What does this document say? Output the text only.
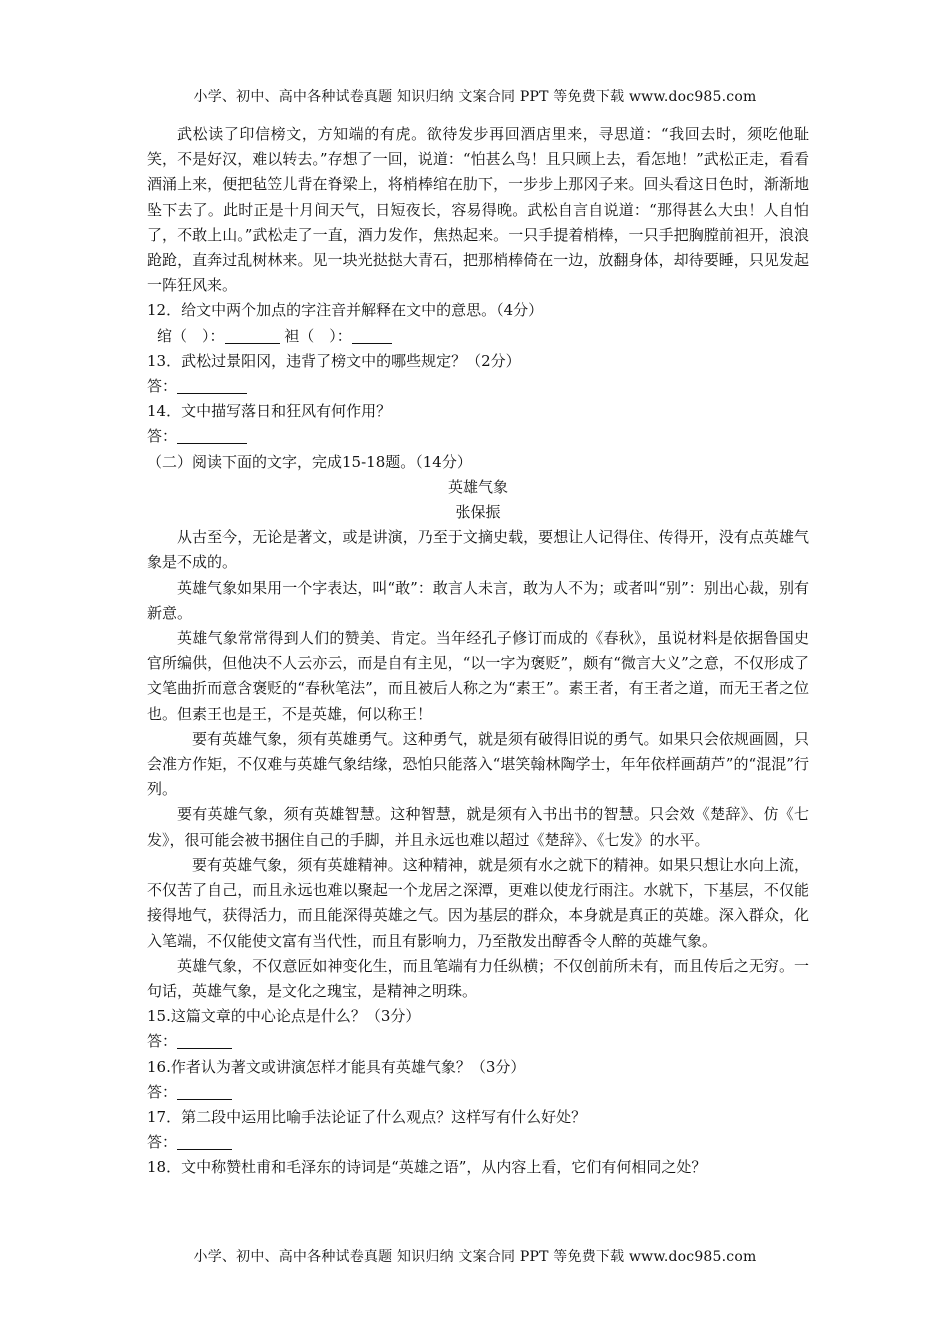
小学、初中、高中各种试卷真题 知识归纳 文案合同 PPT 等免费下载 www.doc985.com

武松读了印信榜文，方知端的有虎。欲待发步再回酒店里来，寻思道：“我回去时，须吃他耻笑，不是好汉，难以转去。”存想了一回，说道：“怕甚么鸟！且只顾上去，看怎地！”武松正走，看看酒涌上来，便把毡笠儿背在脊梁上，将梢棒绾在肋下，一步步上那冈子来。回头看这日色时，渐渐地坠下去了。此时正是十月间天气，日短夜长，容易得晚。武松自言自说道：“那得甚么大虫！人自怕了，不敢上山。”武松走了一直，酒力发作，焦热起来。一只手提着梢棒，一只手把胸膛前袒开，浪浪跄跄，直奔过乱树林来。见一块光挞挞大青石，把那梢棒倚在一边，放翻身体，却待要睡，只见发起一阵狂风来。

12．给文中两个加点的字注音并解释在文中的意思。（4分）

绾（　）：	袒（　）：

13．武松过景阳冈，违背了榜文中的哪些规定？（2分）

答：

14．文中描写落日和狂风有何作用？

答：

（二）阅读下面的文字，完成15-18题。（14分）

英雄气象

张保振

从古至今，无论是著文，或是讲演，乃至于文摘史载，要想让人记得住、传得开，没有点英雄气象是不成的。

英雄气象如果用一个字表达，叫“敢”：敢言人未言，敢为人不为；或者叫“别”：别出心裁，别有新意。

英雄气象常常得到人们的赞美、肯定。当年经孔子修订而成的《春秋》，虽说材料是依据鲁国史官所编供，但他决不人云亦云，而是自有主见，“以一字为褒贬”，颇有“微言大义”之意，不仅形成了文笔曲折而意含褒贬的“春秋笔法”，而且被后人称之为“素王”。素王者，有王者之道，而无王者之位也。但素王也是王，不是英雄，何以称王！

要有英雄气象，须有英雄勇气。这种勇气，就是须有破得旧说的勇气。如果只会依规画圆，只会准方作矩，不仅难与英雄气象结缘，恐怕只能落入“堪笑翰林陶学士，年年依样画葫芦”的“混混”行列。

要有英雄气象，须有英雄智慧。这种智慧，就是须有入书出书的智慧。只会效《楚辞》、仿《七发》，很可能会被书捆住自己的手脚，并且永远也难以超过《楚辞》、《七发》的水平。

要有英雄气象，须有英雄精神。这种精神，就是须有水之就下的精神。如果只想让水向上流，不仅苦了自己，而且永远也难以聚起一个龙居之深潭，更难以使龙行雨注。水就下，下基层，不仅能接得地气，获得活力，而且能深得英雄之气。因为基层的群众，本身就是真正的英雄。深入群众，化入笔端，不仅能使文富有当代性，而且有影响力，乃至散发出醇香令人醉的英雄气象。

英雄气象，不仅意匠如神变化生，而且笔端有力任纵横；不仅创前所未有，而且传后之无穷。一句话，英雄气象，是文化之瑰宝，是精神之明珠。

15.这篇文章的中心论点是什么？（3分）

答：

16.作者认为著文或讲演怎样才能具有英雄气象？（3分）

答：

17．第二段中运用比喻手法论证了什么观点？这样写有什么好处？

答：

18．文中称赞杜甫和毛泽东的诗词是“英雄之语”，从内容上看，它们有何相同之处？

小学、初中、高中各种试卷真题 知识归纳 文案合同 PPT 等免费下载 www.doc985.com
